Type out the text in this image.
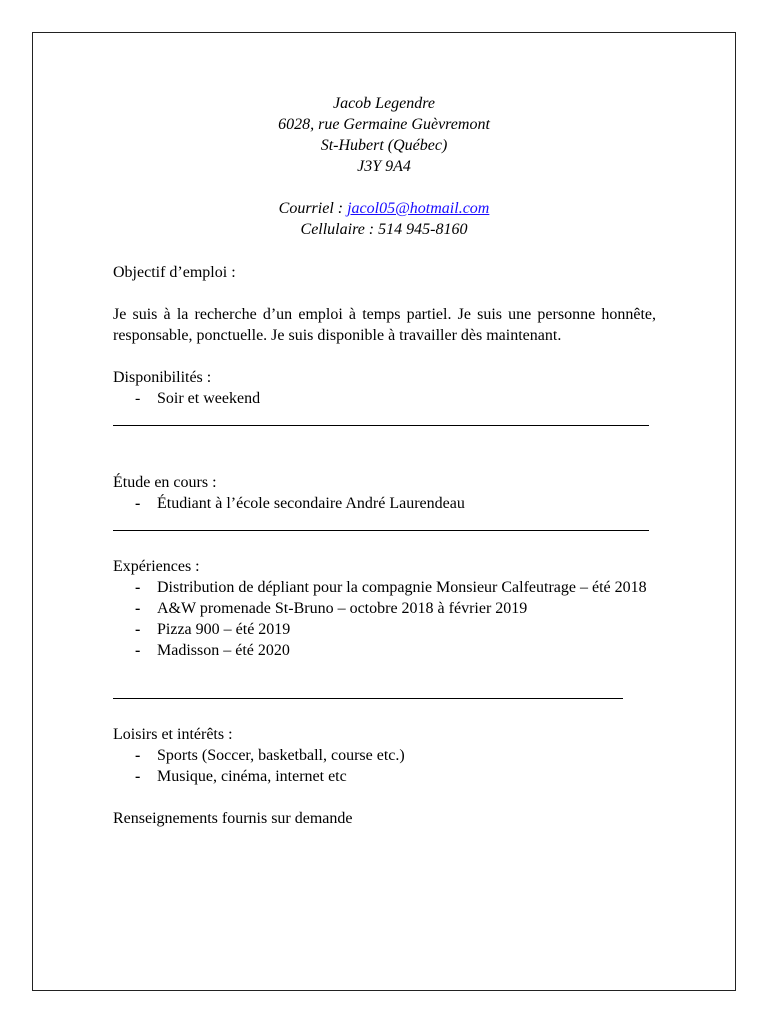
Jacob Legendre
6028, rue Germaine Guèvremont
St-Hubert (Québec)
J3Y 9A4
Courriel : jacol05@hotmail.com
Cellulaire : 514 945-8160
Objectif d’emploi :

Je suis à la recherche d’un emploi à temps partiel. Je suis une personne honnête, responsable, ponctuelle. Je suis disponible à travailler dès maintenant.

Disponibilités :
- Soir et weekend
Étude en cours :
- Étudiant à l’école secondaire André Laurendeau
Expériences :
- Distribution de dépliant pour la compagnie Monsieur Calfeutrage – été 2018
- A&W promenade St-Bruno – octobre 2018 à février 2019
- Pizza 900 – été 2019
- Madisson – été 2020
Loisirs et intérêts :
- Sports (Soccer, basketball, course etc.)
- Musique, cinéma, internet etc
Renseignements fournis sur demande
